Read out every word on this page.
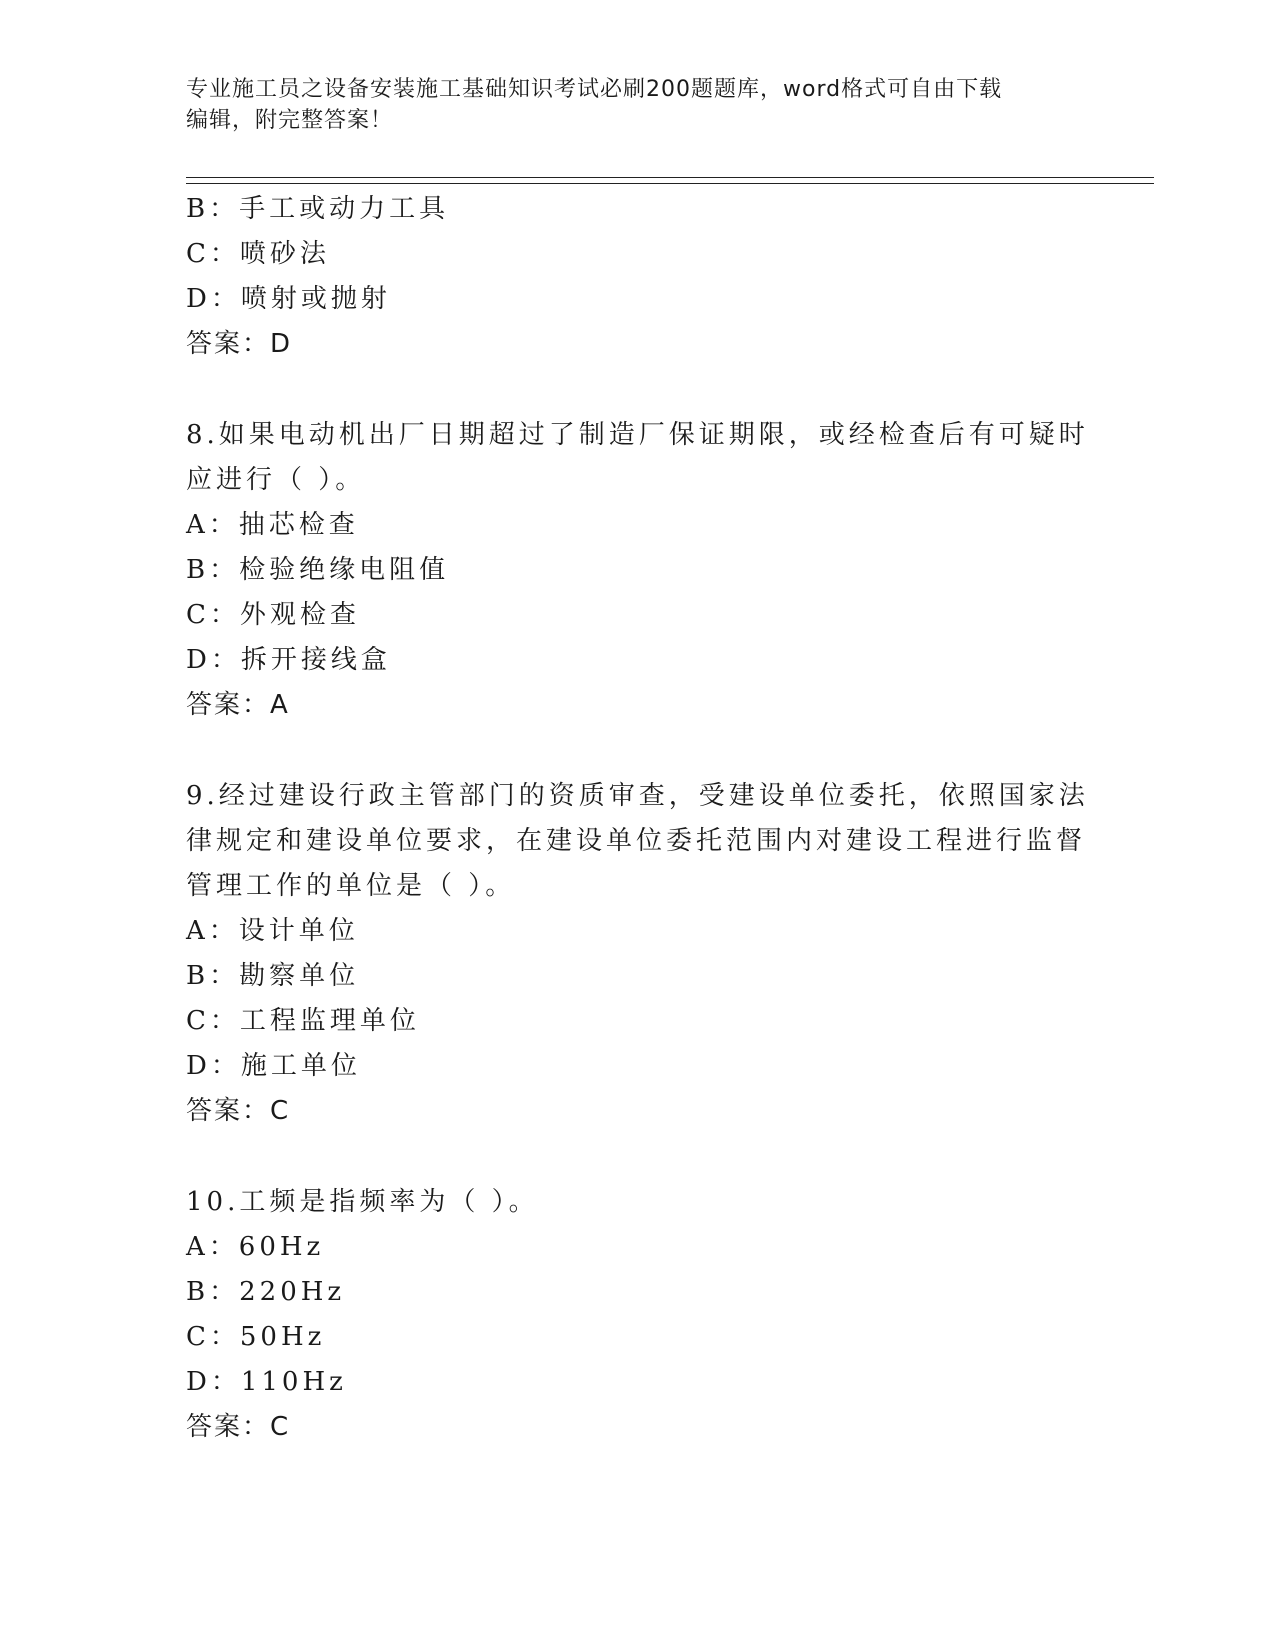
专业施工员之设备安装施工基础知识考试必刷200题题库，word格式可自由下载
编辑，附完整答案！
B：手工或动力工具
C：喷砂法
D：喷射或抛射
答案：D
8.如果电动机出厂日期超过了制造厂保证期限，或经检查后有可疑时
应进行（ ）。
A：抽芯检查
B：检验绝缘电阻值
C：外观检查
D：拆开接线盒
答案：A
9.经过建设行政主管部门的资质审查，受建设单位委托，依照国家法
律规定和建设单位要求，在建设单位委托范围内对建设工程进行监督
管理工作的单位是（ ）。
A：设计单位
B：勘察单位
C：工程监理单位
D：施工单位
答案：C
10.工频是指频率为（ ）。
A：60Hz
B：220Hz
C：50Hz
D：110Hz
答案：C
